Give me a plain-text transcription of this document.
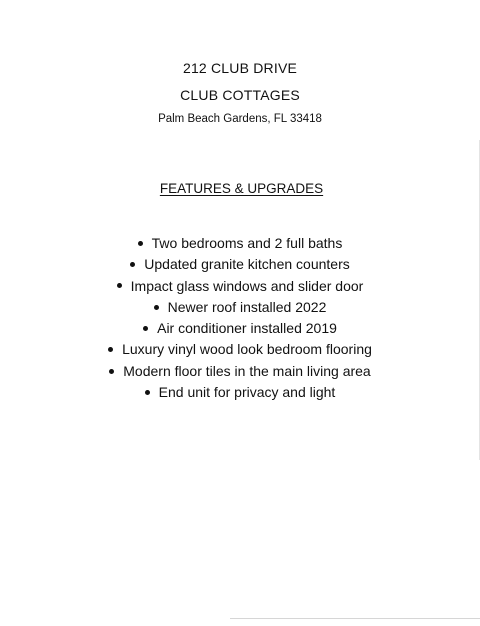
212 CLUB DRIVE
CLUB COTTAGES
Palm Beach Gardens, FL 33418
FEATURES & UPGRADES
Two bedrooms and 2 full baths
Updated granite kitchen counters
Impact glass windows and slider door
Newer roof installed 2022
Air conditioner installed 2019
Luxury vinyl wood look bedroom flooring
Modern floor tiles in the main living area
End unit for privacy and light
